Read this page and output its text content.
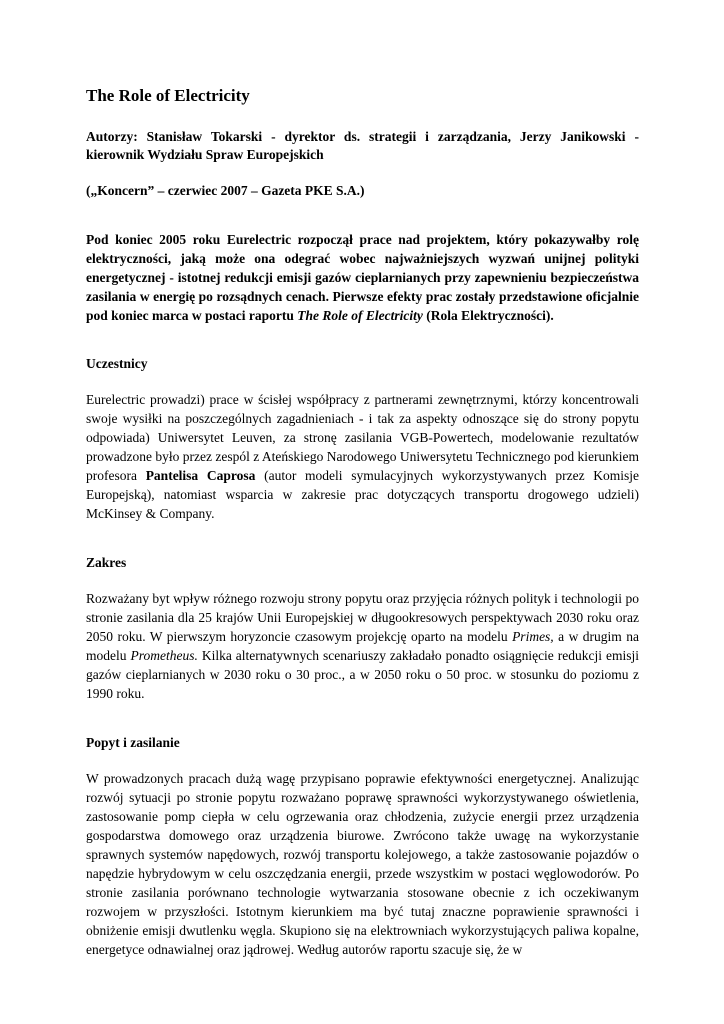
The Role of Electricity
Autorzy: Stanisław Tokarski - dyrektor ds. strategii i zarządzania, Jerzy Janikowski - kierownik Wydziału Spraw Europejskich
(„Koncern” – czerwiec 2007 – Gazeta PKE S.A.)
Pod koniec 2005 roku Eurelectric rozpoczął prace nad projektem, który pokazywałby rolę elektryczności, jaką może ona odegrać wobec najważniejszych wyzwań unijnej polityki energetycznej - istotnej redukcji emisji gazów cieplarnianych przy zapewnieniu bezpieczeństwa zasilania w energię po rozsądnych cenach. Pierwsze efekty prac zostały przedstawione oficjalnie pod koniec marca w postaci raportu The Role of Electricity (Rola Elektryczności).
Uczestnicy
Eurelectric prowadzi) prace w ścisłej współpracy z partnerami zewnętrznymi, którzy koncentrowali swoje wysiłki na poszczególnych zagadnieniach - i tak za aspekty odnoszące się do strony popytu odpowiada) Uniwersytet Leuven, za stronę zasilania VGB-Powertech, modelowanie rezultatów prowadzone było przez zespól z Ateńskiego Narodowego Uniwersytetu Technicznego pod kierunkiem profesora Pantelisa Caprosa (autor modeli symulacyjnych wykorzystywanych przez Komisje Europejską), natomiast wsparcia w zakresie prac dotyczących transportu drogowego udzieli) McKinsey & Company.
Zakres
Rozważany byt wpływ różnego rozwoju strony popytu oraz przyjęcia różnych polityk i technologii po stronie zasilania dla 25 krajów Unii Europejskiej w długookresowych perspektywach 2030 roku oraz 2050 roku. W pierwszym horyzoncie czasowym projekcję oparto na modelu Primes, a w drugim na modelu Prometheus. Kilka alternatywnych scenariuszy zakładało ponadto osiągnięcie redukcji emisji gazów cieplarnianych w 2030 roku o 30 proc., a w 2050 roku o 50 proc. w stosunku do poziomu z 1990 roku.
Popyt i zasilanie
W prowadzonych pracach dużą wagę przypisano poprawie efektywności energetycznej. Analizując rozwój sytuacji po stronie popytu rozważano poprawę sprawności wykorzystywanego oświetlenia, zastosowanie pomp ciepła w celu ogrzewania oraz chłodzenia, zużycie energii przez urządzenia gospodarstwa domowego oraz urządzenia biurowe. Zwrócono także uwagę na wykorzystanie sprawnych systemów napędowych, rozwój transportu kolejowego, a także zastosowanie pojazdów o napędzie hybrydowym w celu oszczędzania energii, przede wszystkim w postaci węglowodorów. Po stronie zasilania porównano technologie wytwarzania stosowane obecnie z ich oczekiwanym rozwojem w przyszłości. Istotnym kierunkiem ma być tutaj znaczne poprawienie sprawności i obniżenie emisji dwutlenku węgla. Skupiono się na elektrowniach wykorzystujących paliwa kopalne, energetyce odnawialnej oraz jądrowej. Według autorów raportu szacuje się, że w
